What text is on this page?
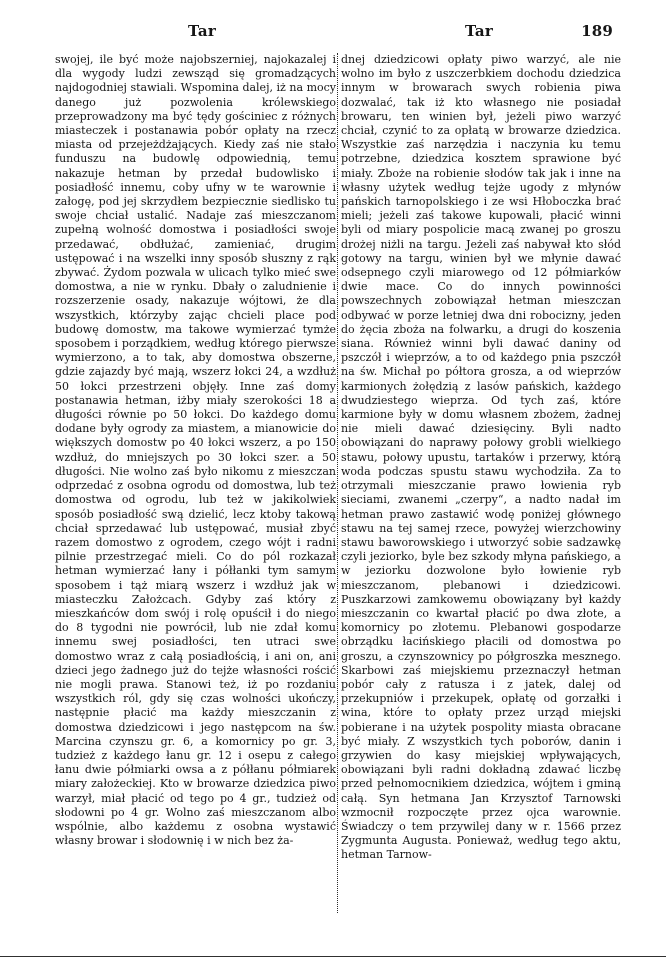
Tar	Tar	189
swojej, ile być może najobszerniej, najokazalej i dla wygody ludzi zewsząd się gromadzących najdogodniej stawiali. Wspomina dalej, iż na mocy danego już pozwolenia królewskiego przeprowadzony ma być tędy gościniec z różnych miasteczek i postanawia pobór opłaty na rzecz miasta od przejeżdżających. Kiedy zaś nie stało funduszu na budowlę odpowiednią, temu nakazuje hetman by przedał budowlisko i posiadłość innemu, coby ufny w te warownie i załogę, pod jej skrzydłem bezpiecznie siedlisko tu swoje chciał ustalić. Nadaje zaś mieszczanom zupełną wolność domostwa i posiadłości swoje przedawać, obdłużać, zamieniać, drugim ustępować i na wszelki inny sposób słuszny z rąk zbywać. Żydom pozwala w ulicach tylko mieć swe domostwa, a nie w rynku. Dbały o zaludnienie i rozszerzenie osady, nakazuje wójtowi, że dla wszystkich, którzyby zając chcieli place pod budowę domostw, ma takowe wymierzać tymże sposobem i porządkiem, według którego pierwsze wymierzono, a to tak, aby domostwa obszerne, gdzie zajazdy być mają, wszerz łokci 24, a wzdłuż 50 łokci przestrzeni objęły. Inne zaś domy postanawia hetman, iżby miały szerokości 18 a długości równie po 50 łokci. Do każdego domu dodane były ogrody za miastem, a mianowicie do większych domostw po 40 łokci wszerz, a po 150 wzdłuż, do mniejszych po 30 łokci szer. a 50 długości. Nie wolno zaś było nikomu z mieszczan odprzedać z osobna ogrodu od domostwa, lub też domostwa od ogrodu, lub też w jakikolwiek sposób posiadłość swą dzielić, lecz ktoby takową chciał sprzedawać lub ustępować, musiał zbyć razem domostwo z ogrodem, czego wójt i radni pilnie przestrzegać mieli. Co do pól rozkazał hetman wymierzać łany i półłanki tym samym sposobem i tąż miarą wszerz i wzdłuż jak w miasteczku Założcach. Gdyby zaś który z mieszkańców dom swój i rolę opuścił i do niego do 8 tygodni nie powrócił, lub nie zdał komu innemu swej posiadłości, ten utraci swe domostwo wraz z całą posiadłością, i ani on, ani dzieci jego żadnego już do tejże własności rościć nie mogli prawa. Stanowi też, iż po rozdaniu wszystkich ról, gdy się czas wolności ukończy, następnie płacić ma każdy mieszczanin z domostwa dziedzicowi i jego następcom na św. Marcina czynszu gr. 6, a komornicy po gr. 3, tudzież z każdego łanu gr. 12 i osepu z całego łanu dwie półmiarki owsa a z półłanu półmiarek miary założeckiej. Kto w browarze dziedzica piwo warzył, miał płacić od tego po 4 gr., tudzież od słodowni po 4 gr. Wolno zaś mieszczanom albo wspólnie, albo każdemu z osobna wystawić własny browar i słodownię i w nich bez ża-
dnej dziedzicowi opłaty piwo warzyć, ale nie wolno im było z uszczerbkiem dochodu dziedzica innym w browarach swych robienia piwa dozwalać, tak iż kto własnego nie posiadał browaru, ten winien był, jeżeli piwo warzyć chciał, czynić to za opłatą w browarze dziedzica. Wszystkie zaś narzędzia i naczynia ku temu potrzebne, dziedzica kosztem sprawione być miały. Zboże na robienie słodów tak jak i inne na własny użytek według tejże ugody z młynów pańskich tarnopolskiego i ze wsi Hłoboczka brać mieli; jeżeli zaś takowe kupowali, płacić winni byli od miary pospolicie macą zwanej po groszu drożej niżli na targu. Jeżeli zaś nabywał kto słód gotowy na targu, winien był we młynie dawać odsepnego czyli miarowego od 12 półmiarków dwie mace. Co do innych powinności powszechnych zobowiązał hetman mieszczan odbywać w porze letniej dwa dni robocizny, jeden do żęcia zboża na folwarku, a drugi do koszenia siana. Również winni byli dawać daniny od pszczół i wieprzów, a to od każdego pnia pszczół na św. Michał po półtora grosza, a od wieprzów karmionych żołędzią z lasów pańskich, każdego dwudziestego wieprza. Od tych zaś, które karmione były w domu własnem zbożem, żadnej nie mieli dawać dziesięciny. Byli nadto obowiązani do naprawy połowy grobli wielkiego stawu, połowy upustu, tartaków i przerwy, którą woda podczas spustu stawu wychodziła. Za to otrzymali mieszczanie prawo łowienia ryb sieciami, zwanemi „czerpy“, a nadto nadał im hetman prawo zastawić wodę poniżej głównego stawu na tej samej rzece, powyżej wierzchowiny stawu baworowskiego i utworzyć sobie sadzawkę czyli jeziorko, byle bez szkody młyna pańskiego, a w jeziorku dozwolone było łowienie ryb mieszczanom, plebanowi i dziedzicowi. Puszkarzowi zamkowemu obowiązany był każdy mieszczanin co kwartał płacić po dwa złote, a komornicy po złotemu. Plebanowi gospodarze obrządku łacińskiego płacili od domostwa po groszu, a czynszownicy po półgroszka mesznego. Skarbowi zaś miejskiemu przeznaczył hetman pobór cały z ratusza i z jatek, dalej od przekupniów i przekupek, opłatę od gorzałki i wina, które to opłaty przez urząd miejski pobierane i na użytek pospolity miasta obracane być miały. Z wszystkich tych poborów, danin i grzywien do kasy miejskiej wpływających, obowiązani byli radni dokładną zdawać liczbę przed pełnomocnikiem dziedzica, wójtem i gminą całą. Syn hetmana Jan Krzysztof Tarnowski wzmocnił rozpoczęte przez ojca warownie. Świadczy o tem przywilej dany w r. 1566 przez Zygmunta Augusta. Ponieważ, według tego aktu, hetman Tarnow-
